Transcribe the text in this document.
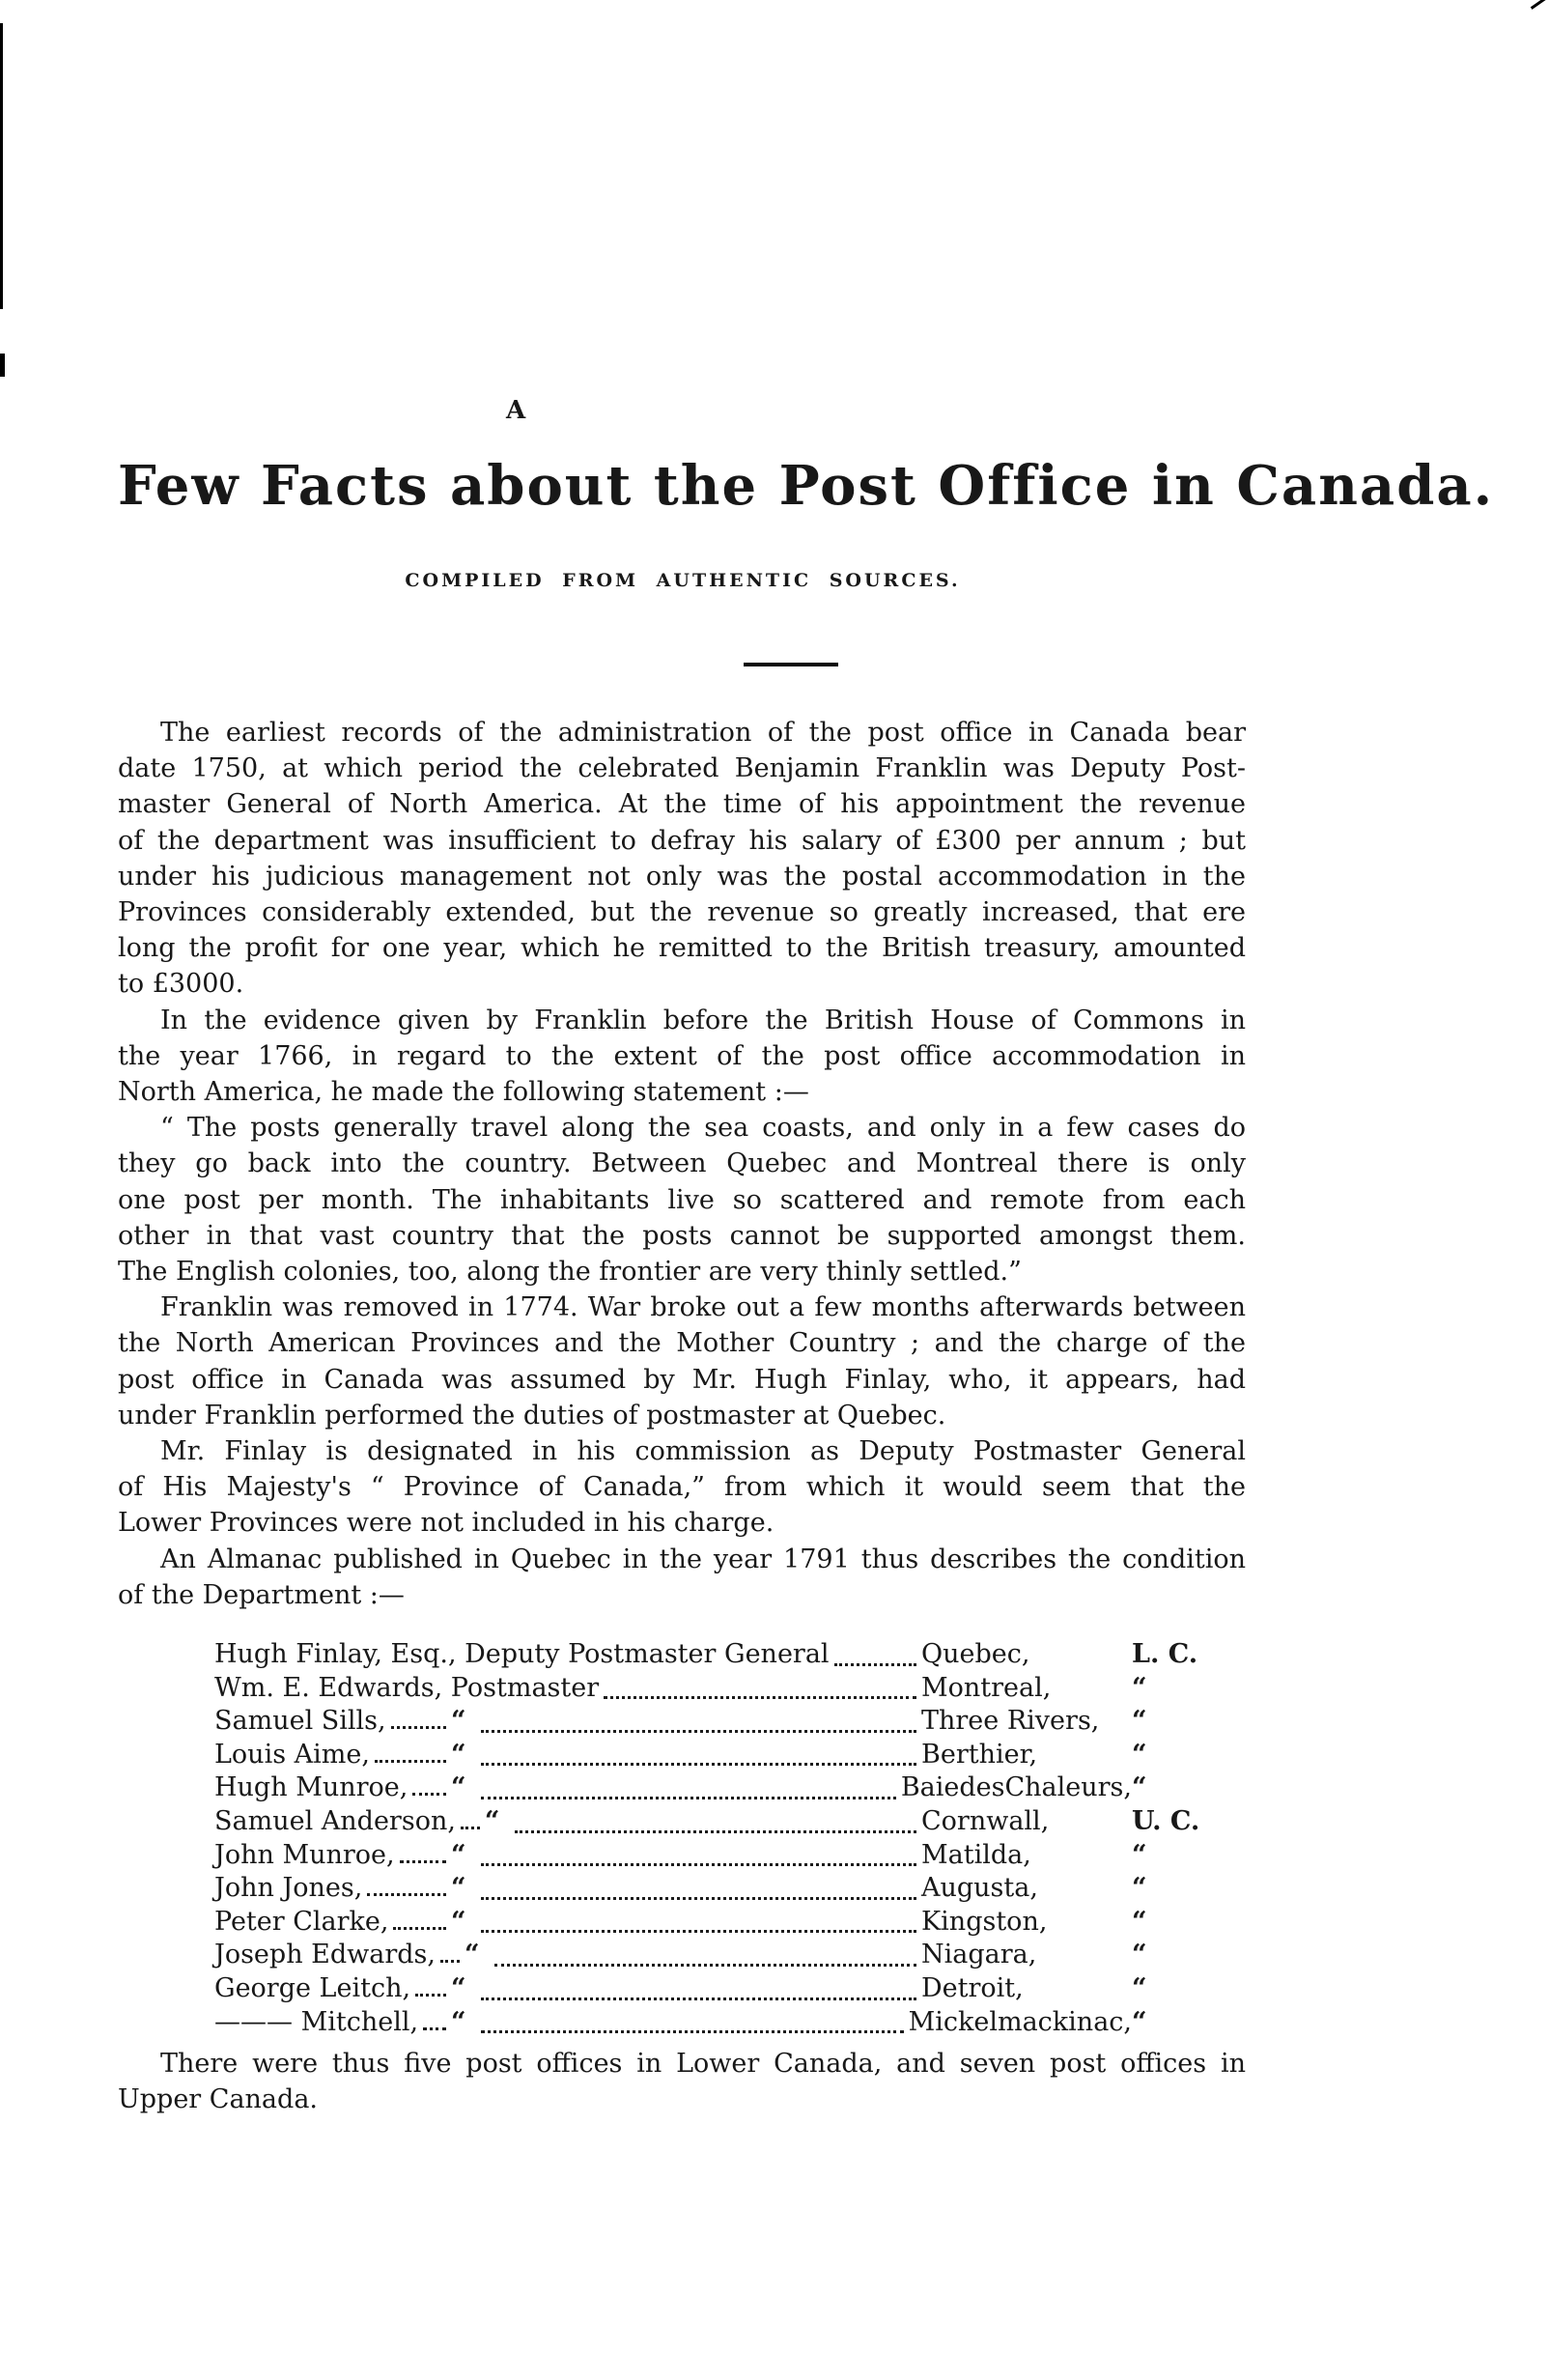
A
Few Facts about the Post Office in Canada.
COMPILED FROM AUTHENTIC SOURCES.
The earliest records of the administration of the post office in Canada bear
date 1750, at which period the celebrated Benjamin Franklin was Deputy Post-
master General of North America. At the time of his appointment the revenue
of the department was insufficient to defray his salary of £300 per annum ; but
under his judicious management not only was the postal accommodation in the
Provinces considerably extended, but the revenue so greatly increased, that ere
long the profit for one year, which he remitted to the British treasury, amounted
to £3000.
In the evidence given by Franklin before the British House of Commons in
the year 1766, in regard to the extent of the post office accommodation in
North America, he made the following statement :—
“ The posts generally travel along the sea coasts, and only in a few cases do
they go back into the country. Between Quebec and Montreal there is only
one post per month. The inhabitants live so scattered and remote from each
other in that vast country that the posts cannot be supported amongst them.
The English colonies, too, along the frontier are very thinly settled.”
Franklin was removed in 1774. War broke out a few months afterwards between
the North American Provinces and the Mother Country ; and the charge of the
post office in Canada was assumed by Mr. Hugh Finlay, who, it appears, had
under Franklin performed the duties of postmaster at Quebec.
Mr. Finlay is designated in his commission as Deputy Postmaster General
of His Majesty's “ Province of Canada,” from which it would seem that the
Lower Provinces were not included in his charge.
An Almanac published in Quebec in the year 1791 thus describes the condition
of the Department :—
Hugh Finlay, Esq., Deputy Postmaster General	Quebec,	L. C.
Wm. E. Edwards, Postmaster	Montreal,	“
Samuel Sills, “	Three Rivers,	“
Louis Aime,	“	Berthier,	“
Hugh Munroe, “	BaiedesChaleurs, “
Samuel Anderson, “	Cornwall,	U. C.
John Munroe, “	Matilda,	“
John Jones,	“	Augusta,	“
Peter Clarke, “	Kingston,	“
Joseph Edwards, “	Niagara,	“
George Leitch, “	Detroit,	“
——— Mitchell, “	Mickelmackinac, “
There were thus five post offices in Lower Canada, and seven post offices in
Upper Canada.
